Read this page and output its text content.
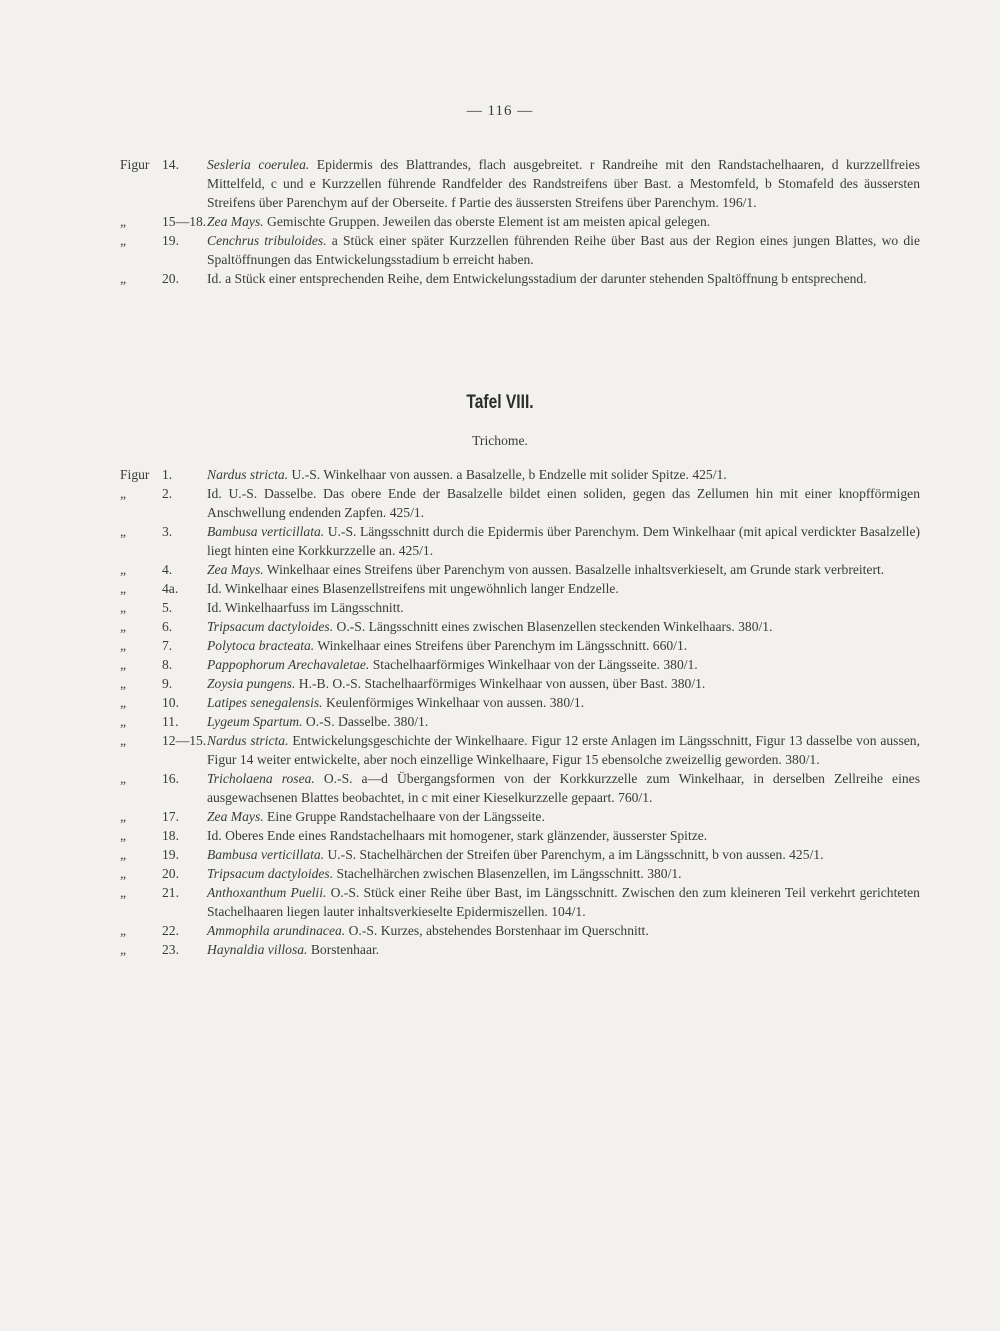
— 116 —
Figur 14.	Sesleria coerulea. Epidermis des Blattrandes, flach ausgebreitet. r Randreihe mit den Randstachelhaaren, d kurzzellfreies Mittelfeld, c und e Kurzzellen führende Randfelder des Randstreifens über Bast. a Mestomfeld, b Stomafeld des äussersten Streifens über Parenchym auf der Oberseite. f Partie des äussersten Streifens über Parenchym. 196/1.
„	15—18. Zea Mays. Gemischte Gruppen. Jeweilen das oberste Element ist am meisten apical gelegen.
„	19.	Cenchrus tribuloides. a Stück einer später Kurzzellen führenden Reihe über Bast aus der Region eines jungen Blattes, wo die Spaltöffnungen das Entwickelungsstadium b erreicht haben.
„	20.	Id. a Stück einer entsprechenden Reihe, dem Entwickelungsstadium der darunter stehenden Spaltöffnung b entsprechend.
Tafel VIII.
Trichome.
Figur 1.	Nardus stricta. U.-S. Winkelhaar von aussen. a Basalzelle, b Endzelle mit solider Spitze. 425/1.
„	2.	Id. U.-S. Dasselbe. Das obere Ende der Basalzelle bildet einen soliden, gegen das Zellumen hin mit einer knopfförmigen Anschwellung endenden Zapfen. 425/1.
„	3.	Bambusa verticillata. U.-S. Längsschnitt durch die Epidermis über Parenchym. Dem Winkelhaar (mit apical verdickter Basalzelle) liegt hinten eine Korkkurzzelle an. 425/1.
„	4.	Zea Mays. Winkelhaar eines Streifens über Parenchym von aussen. Basalzelle inhaltsverkieselt, am Grunde stark verbreitert.
„	4a.	Id. Winkelhaar eines Blasenzellstreifens mit ungewöhnlich langer Endzelle.
„	5.	Id. Winkelhaarfuss im Längsschnitt.
„	6.	Tripsacum dactyloides. O.-S. Längsschnitt eines zwischen Blasenzellen steckenden Winkelhaars. 380/1.
„	7.	Polytoca bracteata. Winkelhaar eines Streifens über Parenchym im Längsschnitt. 660/1.
„	8.	Pappophorum Arechavaletae. Stachelhaarförmiges Winkelhaar von der Längsseite. 380/1.
„	9.	Zoysia pungens. H.-B. O.-S. Stachelhaarförmiges Winkelhaar von aussen, über Bast. 380/1.
„	10.	Latipes senegalensis. Keulenförmiges Winkelhaar von aussen. 380/1.
„	11.	Lygeum Spartum. O.-S. Dasselbe. 380/1.
„	12—15. Nardus stricta. Entwickelungsgeschichte der Winkelhaare. Figur 12 erste Anlagen im Längsschnitt, Figur 13 dasselbe von aussen, Figur 14 weiter entwickelte, aber noch einzellige Winkelhaare, Figur 15 ebensolche zweizellig geworden. 380/1.
„	16.	Tricholaena rosea. O.-S. a—d Übergangsformen von der Korkkurzzelle zum Winkelhaar, in derselben Zellreihe eines ausgewachsenen Blattes beobachtet, in c mit einer Kieselkurzzelle gepaart. 760/1.
„	17.	Zea Mays. Eine Gruppe Randstachelhaare von der Längsseite.
„	18.	Id. Oberes Ende eines Randstachelhaars mit homogener, stark glänzender, äusserster Spitze.
„	19.	Bambusa verticillata. U.-S. Stachelhärchen der Streifen über Parenchym, a im Längsschnitt, b von aussen. 425/1.
„	20.	Tripsacum dactyloides. Stachelhärchen zwischen Blasenzellen, im Längsschnitt. 380/1.
„	21.	Anthoxanthum Puelii. O.-S. Stück einer Reihe über Bast, im Längsschnitt. Zwischen den zum kleineren Teil verkehrt gerichteten Stachelhaaren liegen lauter inhaltsverkieselte Epidermiszellen. 104/1.
„	22.	Ammophila arundinacea. O.-S. Kurzes, abstehendes Borstenhaar im Querschnitt.
„	23.	Haynaldia villosa. Borstenhaar.
